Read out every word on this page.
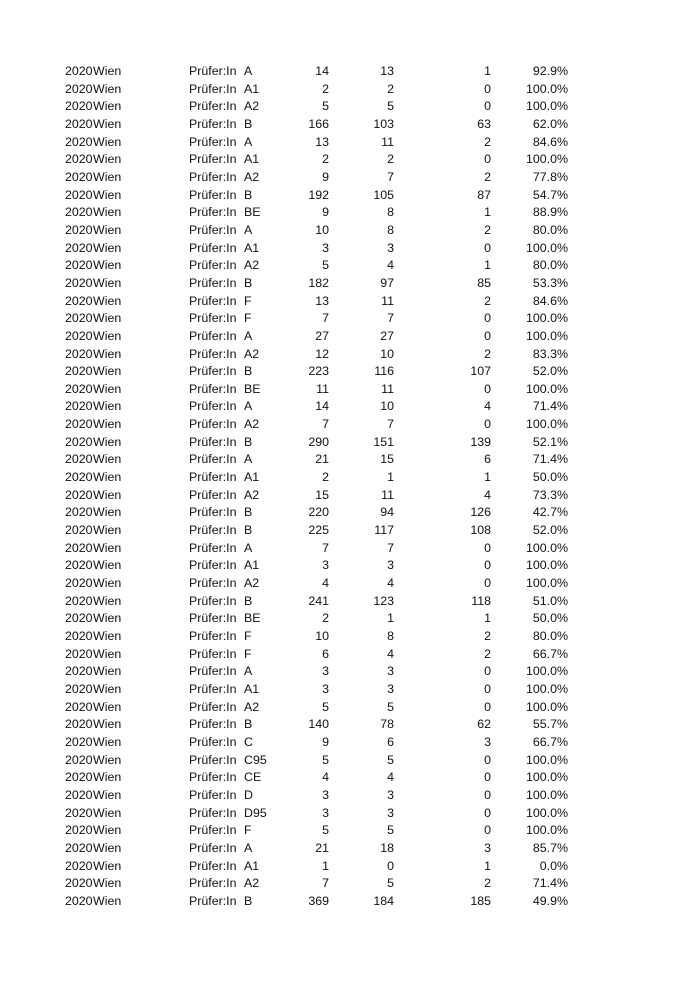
2020 Wien	Prüfer:In A	14	13	1	92.9%
2020 Wien	Prüfer:In A1	2	2	0	100.0%
2020 Wien	Prüfer:In A2	5	5	0	100.0%
2020 Wien	Prüfer:In B	166	103	63	62.0%
2020 Wien	Prüfer:In A	13	11	2	84.6%
2020 Wien	Prüfer:In A1	2	2	0	100.0%
2020 Wien	Prüfer:In A2	9	7	2	77.8%
2020 Wien	Prüfer:In B	192	105	87	54.7%
2020 Wien	Prüfer:In BE	9	8	1	88.9%
2020 Wien	Prüfer:In A	10	8	2	80.0%
2020 Wien	Prüfer:In A1	3	3	0	100.0%
2020 Wien	Prüfer:In A2	5	4	1	80.0%
2020 Wien	Prüfer:In B	182	97	85	53.3%
2020 Wien	Prüfer:In F	13	11	2	84.6%
2020 Wien	Prüfer:In F	7	7	0	100.0%
2020 Wien	Prüfer:In A	27	27	0	100.0%
2020 Wien	Prüfer:In A2	12	10	2	83.3%
2020 Wien	Prüfer:In B	223	116	107	52.0%
2020 Wien	Prüfer:In BE	11	11	0	100.0%
2020 Wien	Prüfer:In A	14	10	4	71.4%
2020 Wien	Prüfer:In A2	7	7	0	100.0%
2020 Wien	Prüfer:In B	290	151	139	52.1%
2020 Wien	Prüfer:In A	21	15	6	71.4%
2020 Wien	Prüfer:In A1	2	1	1	50.0%
2020 Wien	Prüfer:In A2	15	11	4	73.3%
2020 Wien	Prüfer:In B	220	94	126	42.7%
2020 Wien	Prüfer:In B	225	117	108	52.0%
2020 Wien	Prüfer:In A	7	7	0	100.0%
2020 Wien	Prüfer:In A1	3	3	0	100.0%
2020 Wien	Prüfer:In A2	4	4	0	100.0%
2020 Wien	Prüfer:In B	241	123	118	51.0%
2020 Wien	Prüfer:In BE	2	1	1	50.0%
2020 Wien	Prüfer:In F	10	8	2	80.0%
2020 Wien	Prüfer:In F	6	4	2	66.7%
2020 Wien	Prüfer:In A	3	3	0	100.0%
2020 Wien	Prüfer:In A1	3	3	0	100.0%
2020 Wien	Prüfer:In A2	5	5	0	100.0%
2020 Wien	Prüfer:In B	140	78	62	55.7%
2020 Wien	Prüfer:In C	9	6	3	66.7%
2020 Wien	Prüfer:In C95	5	5	0	100.0%
2020 Wien	Prüfer:In CE	4	4	0	100.0%
2020 Wien	Prüfer:In D	3	3	0	100.0%
2020 Wien	Prüfer:In D95	3	3	0	100.0%
2020 Wien	Prüfer:In F	5	5	0	100.0%
2020 Wien	Prüfer:In A	21	18	3	85.7%
2020 Wien	Prüfer:In A1	1	0	1	0.0%
2020 Wien	Prüfer:In A2	7	5	2	71.4%
2020 Wien	Prüfer:In B	369	184	185	49.9%
